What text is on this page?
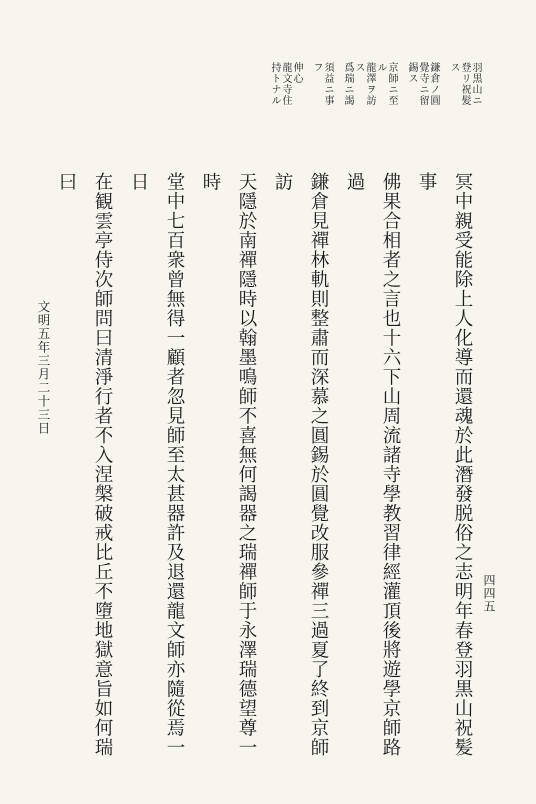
四四五
羽黒山ニ
登リ祝髪
ス
鎌倉ノ圓
覺寺ニ留
錫ス
京師ニ至
ル
龍澤ヲ訪
ス
爲瑞ニ謁
須益ニ事
フ
伸心
龍文寺住
持トナル
冥中親受能除上人化導而還魂於此潛發脱俗之志明年春登羽黒山祝髪事
佛果合相者之言也十六下山周流諸寺學教習律經灌頂後將遊學京師路過
鎌倉見禪林軌則整肅而深慕之圓錫於圓覺改服參禪三過夏了終到京師訪
天隱於南禪隱時以翰墨鳴師不喜無何謁器之瑞禪師于永澤瑞德望尊一時
堂中七百衆曾無得一顧者忽見師至太甚器許及退還龍文師亦隨從焉一日
在観雲亭侍次師問曰清淨行者不入涅槃破戒比丘不墮地獄意旨如何瑞曰
文明五年三月二十三日
